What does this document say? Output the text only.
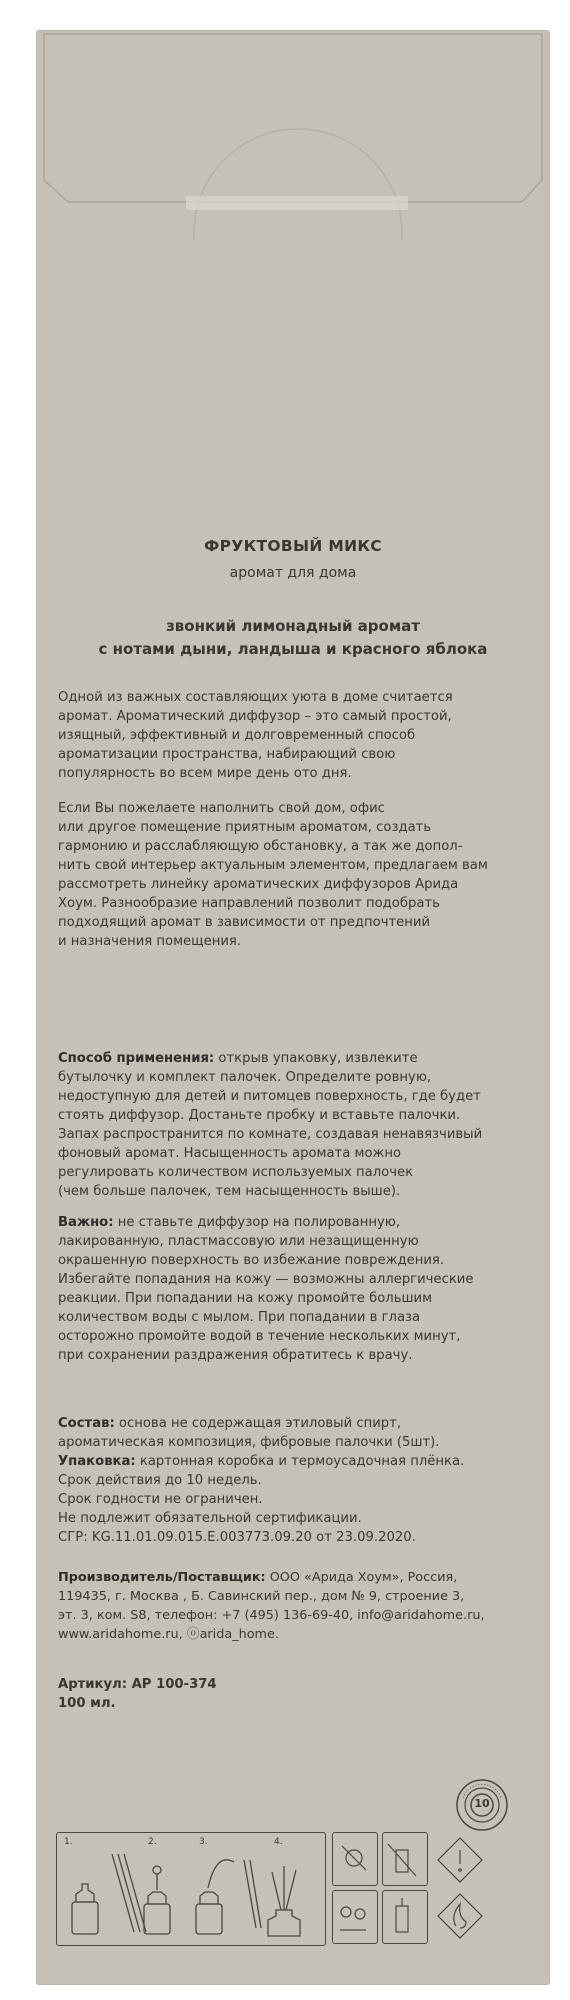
ФРУКТОВЫЙ МИКС
аромат для дома
звонкий лимонадный аромат
с нотами дыни, ландыша и красного яблока
Одной из важных составляющих уюта в доме считается
аромат. Ароматический диффузор – это самый простой,
изящный, эффективный и долговременный способ
ароматизации пространства, набирающий свою
популярность во всем мире день ото дня.
Если Вы пожелаете наполнить свой дом, офис
или другое помещение приятным ароматом, создать
гармонию и расслабляющую обстановку, а так же допол-
нить свой интерьер актуальным элементом, предлагаем вам
рассмотреть линейку ароматических диффузоров Арида
Хоум. Разнообразие направлений позволит подобрать
подходящий аромат в зависимости от предпочтений
и назначения помещения.
Способ применения: открыв упаковку, извлеките
бутылочку и комплект палочек. Определите ровную,
недоступную для детей и питомцев поверхность, где будет
стоять диффузор. Достаньте пробку и вставьте палочки.
Запах распространится по комнате, создавая ненавязчивый
фоновый аромат. Насыщенность аромата можно
регулировать количеством используемых палочек
(чем больше палочек, тем насыщенность выше).
Важно: не ставьте диффузор на полированную,
лакированную, пластмассовую или незащищенную
окрашенную поверхность во избежание повреждения.
Избегайте попадания на кожу — возможны аллергические
реакции. При попадании на кожу промойте большим
количеством воды с мылом. При попадании в глаза
осторожно промойте водой в течение нескольких минут,
при сохранении раздражения обратитесь к врачу.
Состав: основа не содержащая этиловый спирт,
ароматическая композиция, фибровые палочки (5шт).
Упаковка: картонная коробка и термоусадочная плёнка.
Срок действия до 10 недель.
Срок годности не ограничен.
Не подлежит обязательной сертификации.
СГР: KG.11.01.09.015.Е.003773.09.20 от 23.09.2020.
Производитель/Поставщик: ООО «Арида Хоум», Россия,
119435, г. Москва , Б. Савинский пер., дом № 9, строение 3,
эт. 3, ком. S8, телефон: +7 (495) 136-69-40, info@aridahome.ru,
www.aridahome.ru, ⓞarida_home.
Артикул: АР 100-374
100 мл.
10
1.	2.	3.	4.
